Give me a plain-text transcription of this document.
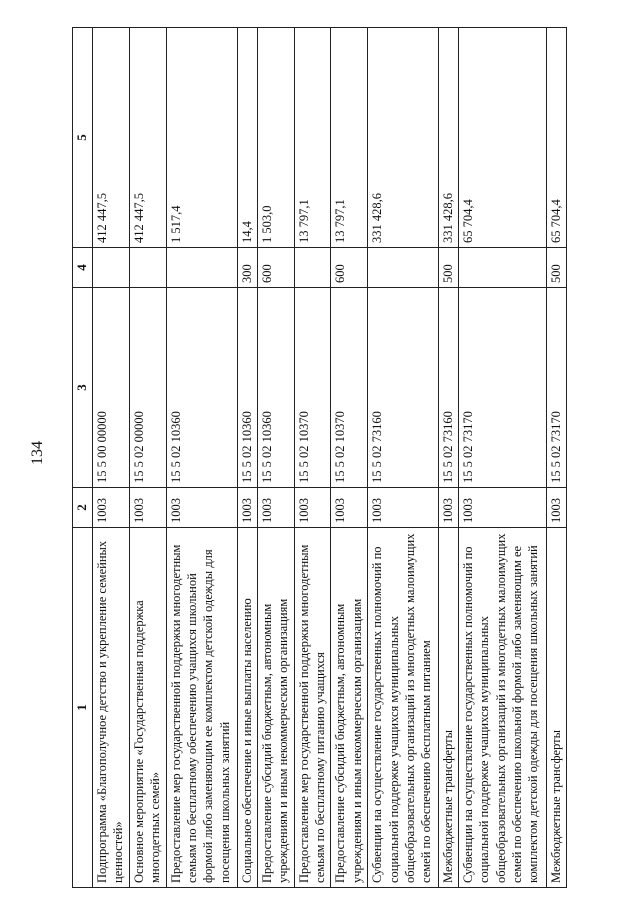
134
1	2	3	4	5
Подпрограмма «Благополучное детство и укрепление семейных ценностей»	1003	15 5 00 00000		412 447,5
Основное мероприятие «Государственная поддержка многодетных семей»	1003	15 5 02 00000		412 447,5
Предоставление мер государственной поддержки многодетным семьям по бесплатному обеспечению учащихся школьной формой либо заменяющим ее комплектом детской одежды для посещения школьных занятий	1003	15 5 02 10360		1 517,4
Социальное обеспечение и иные выплаты населению	1003	15 5 02 10360	300	14,4
Предоставление субсидий бюджетным, автономным учреждениям и иным некоммерческим организациям	1003	15 5 02 10360	600	1 503,0
Предоставление мер государственной поддержки многодетным семьям по бесплатному питанию учащихся	1003	15 5 02 10370		13 797,1
Предоставление субсидий бюджетным, автономным учреждениям и иным некоммерческим организациям	1003	15 5 02 10370	600	13 797,1
Субвенции на осуществление государственных полномочий по социальной поддержке учащихся муниципальных общеобразовательных организаций из многодетных малоимущих семей по обеспечению бесплатным питанием	1003	15 5 02 73160		331 428,6
Межбюджетные трансферты	1003	15 5 02 73160	500	331 428,6
Субвенции на осуществление государственных полномочий по социальной поддержке учащихся муниципальных общеобразовательных организаций из многодетных малоимущих семей по обеспечению школьной формой либо заменяющим ее комплектом детской одежды для посещения школьных занятий	1003	15 5 02 73170		65 704,4
Межбюджетные трансферты	1003	15 5 02 73170	500	65 704,4
